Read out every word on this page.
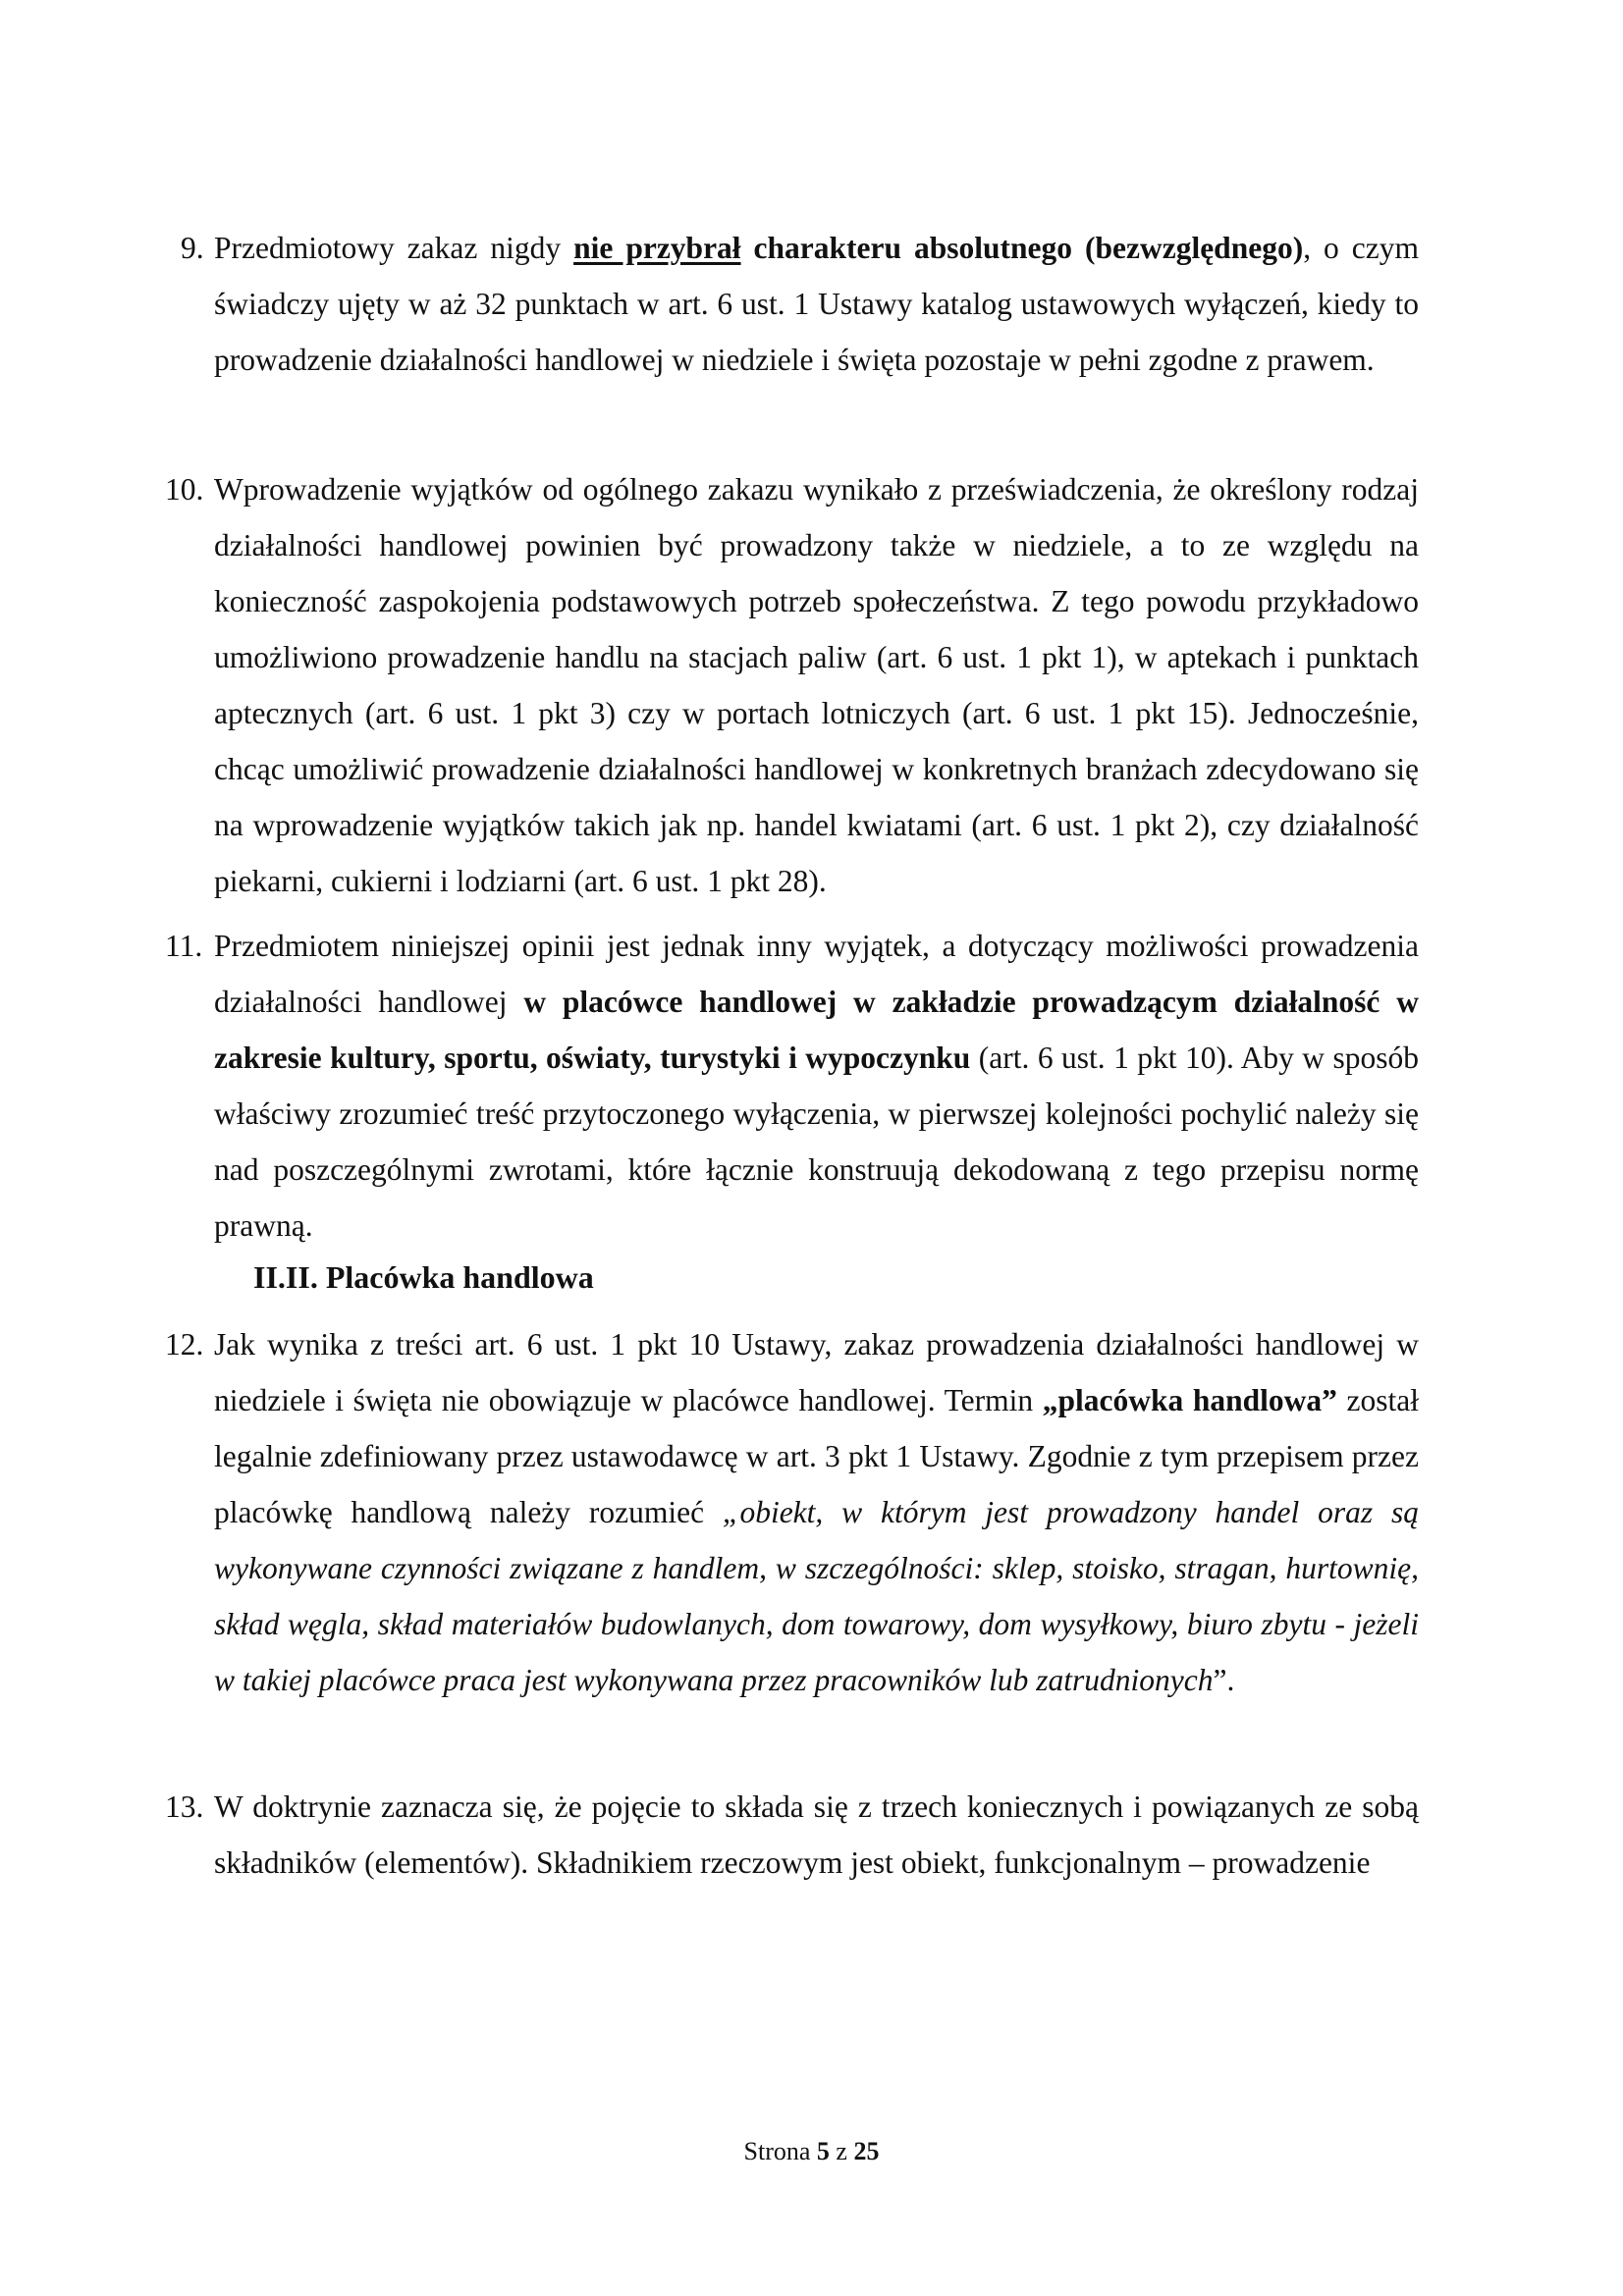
9. Przedmiotowy zakaz nigdy nie przybrał charakteru absolutnego (bezwzględnego), o czym świadczy ujęty w aż 32 punktach w art. 6 ust. 1 Ustawy katalog ustawowych wyłączeń, kiedy to prowadzenie działalności handlowej w niedziele i święta pozostaje w pełni zgodne z prawem.

10. Wprowadzenie wyjątków od ogólnego zakazu wynikało z przeświadczenia, że określony rodzaj działalności handlowej powinien być prowadzony także w niedziele, a to ze względu na konieczność zaspokojenia podstawowych potrzeb społeczeństwa. Z tego powodu przykładowo umożliwiono prowadzenie handlu na stacjach paliw (art. 6 ust. 1 pkt 1), w aptekach i punktach aptecznych (art. 6 ust. 1 pkt 3) czy w portach lotniczych (art. 6 ust. 1 pkt 15). Jednocześnie, chcąc umożliwić prowadzenie działalności handlowej w konkretnych branżach zdecydowano się na wprowadzenie wyjątków takich jak np. handel kwiatami (art. 6 ust. 1 pkt 2), czy działalność piekarni, cukierni i lodziarni (art. 6 ust. 1 pkt 28).

11. Przedmiotem niniejszej opinii jest jednak inny wyjątek, a dotyczący możliwości prowadzenia działalności handlowej w placówce handlowej w zakładzie prowadzącym działalność w zakresie kultury, sportu, oświaty, turystyki i wypoczynku (art. 6 ust. 1 pkt 10). Aby w sposób właściwy zrozumieć treść przytoczonego wyłączenia, w pierwszej kolejności pochylić należy się nad poszczególnymi zwrotami, które łącznie konstruują dekodowaną z tego przepisu normę prawną.

II.II. Placówka handlowa

12. Jak wynika z treści art. 6 ust. 1 pkt 10 Ustawy, zakaz prowadzenia działalności handlowej w niedziele i święta nie obowiązuje w placówce handlowej. Termin „placówka handlowa” został legalnie zdefiniowany przez ustawodawcę w art. 3 pkt 1 Ustawy. Zgodnie z tym przepisem przez placówkę handlową należy rozumieć „obiekt, w którym jest prowadzony handel oraz są wykonywane czynności związane z handlem, w szczególności: sklep, stoisko, stragan, hurtownię, skład węgla, skład materiałów budowlanych, dom towarowy, dom wysyłkowy, biuro zbytu - jeżeli w takiej placówce praca jest wykonywana przez pracowników lub zatrudnionych”.

13. W doktrynie zaznacza się, że pojęcie to składa się z trzech koniecznych i powiązanych ze sobą składników (elementów). Składnikiem rzeczowym jest obiekt, funkcjonalnym – prowadzenie

Strona 5 z 25
